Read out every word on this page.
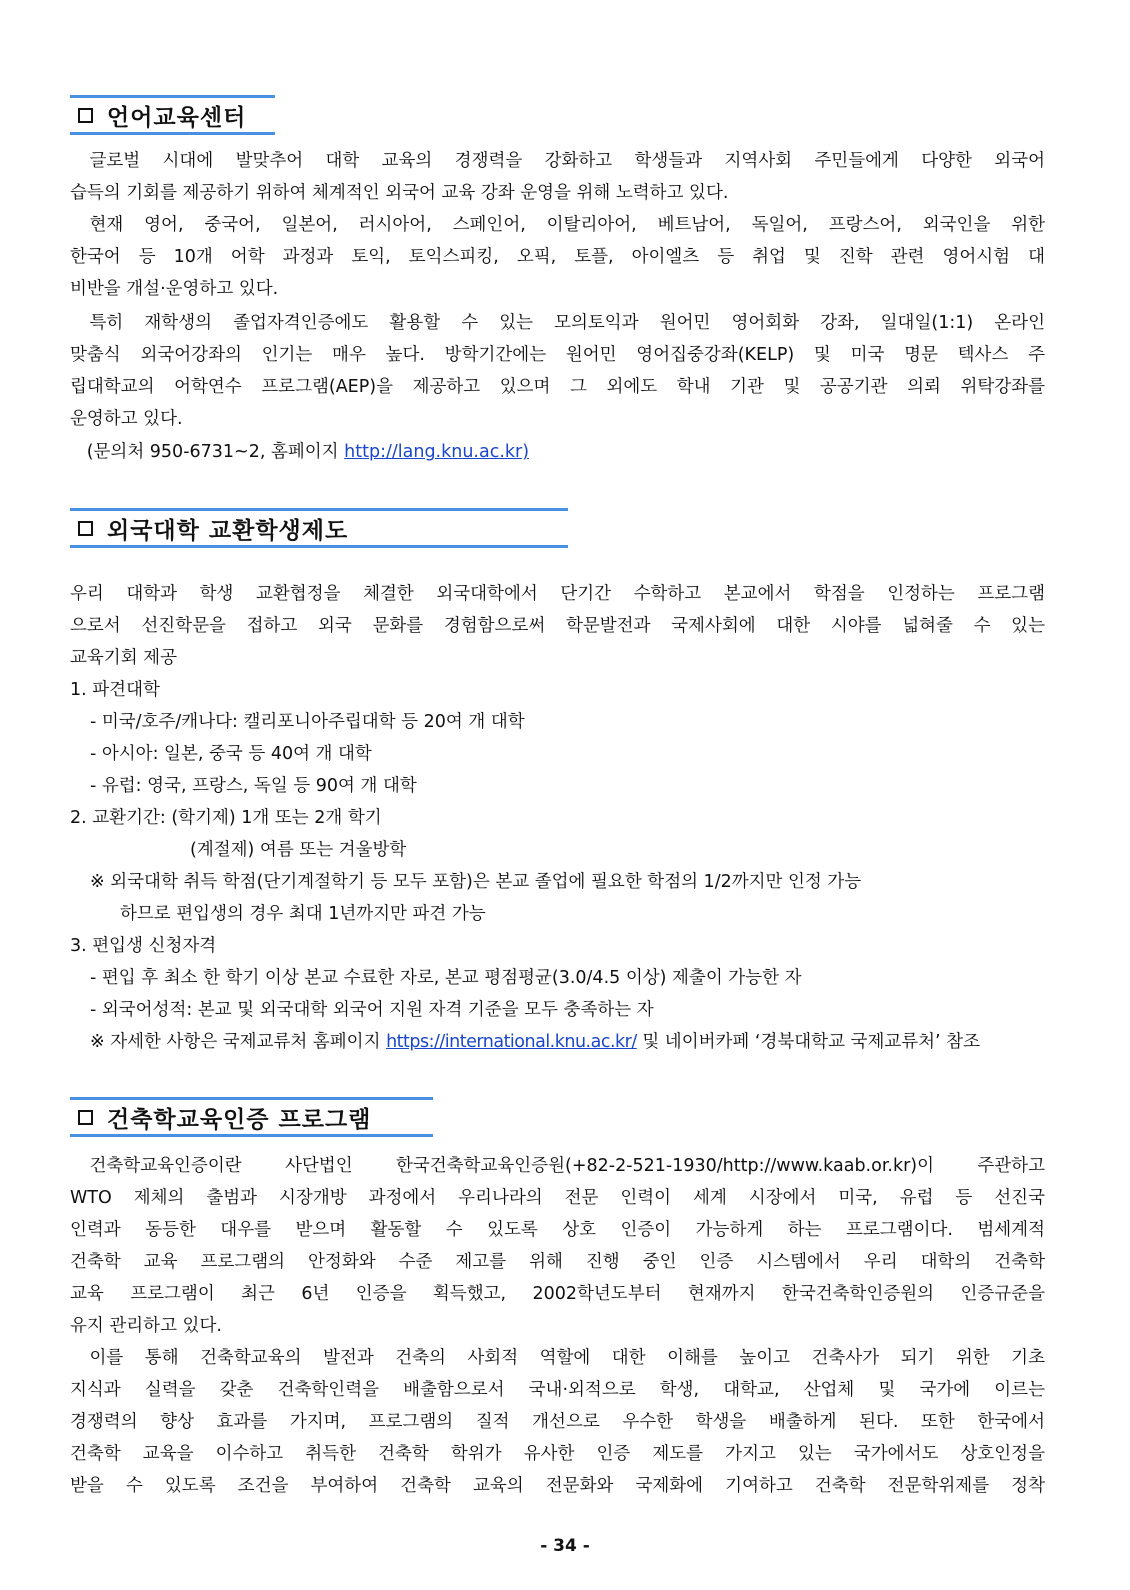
언어교육센터
글로벌 시대에 발맞추어 대학 교육의 경쟁력을 강화하고 학생들과 지역사회 주민들에게 다양한 외국어
습득의 기회를 제공하기 위하여 체계적인 외국어 교육 강좌 운영을 위해 노력하고 있다.
현재 영어, 중국어, 일본어, 러시아어, 스페인어, 이탈리아어, 베트남어, 독일어, 프랑스어, 외국인을 위한
한국어 등 10개 어학 과정과 토익, 토익스피킹, 오픽, 토플, 아이엘츠 등 취업 및 진학 관련 영어시험 대
비반을 개설·운영하고 있다.
특히 재학생의 졸업자격인증에도 활용할 수 있는 모의토익과 원어민 영어회화 강좌, 일대일(1:1) 온라인
맞춤식 외국어강좌의 인기는 매우 높다. 방학기간에는 원어민 영어집중강좌(KELP) 및 미국 명문 텍사스 주
립대학교의 어학연수 프로그램(AEP)을 제공하고 있으며 그 외에도 학내 기관 및 공공기관 의뢰 위탁강좌를
운영하고 있다.
(문의처 950-6731~2, 홈페이지 http://lang.knu.ac.kr)
외국대학 교환학생제도
우리 대학과 학생 교환협정을 체결한 외국대학에서 단기간 수학하고 본교에서 학점을 인정하는 프로그램
으로서 선진학문을 접하고 외국 문화를 경험함으로써 학문발전과 국제사회에 대한 시야를 넓혀줄 수 있는
교육기회 제공
1. 파견대학
- 미국/호주/캐나다: 캘리포니아주립대학 등 20여 개 대학
- 아시아: 일본, 중국 등 40여 개 대학
- 유럽: 영국, 프랑스, 독일 등 90여 개 대학
2. 교환기간: (학기제) 1개 또는 2개 학기
(계절제) 여름 또는 겨울방학
※ 외국대학 취득 학점(단기계절학기 등 모두 포함)은 본교 졸업에 필요한 학점의 1/2까지만 인정 가능
하므로 편입생의 경우 최대 1년까지만 파견 가능
3. 편입생 신청자격
- 편입 후 최소 한 학기 이상 본교 수료한 자로, 본교 평점평균(3.0/4.5 이상) 제출이 가능한 자
- 외국어성적: 본교 및 외국대학 외국어 지원 자격 기준을 모두 충족하는 자
※ 자세한 사항은 국제교류처 홈페이지 https://international.knu.ac.kr/ 및 네이버카페 ‘경북대학교 국제교류처’ 참조
건축학교육인증 프로그램
건축학교육인증이란 사단법인 한국건축학교육인증원(+82-2-521-1930/http://www.kaab.or.kr)이 주관하고
WTO 제체의 출범과 시장개방 과정에서 우리나라의 전문 인력이 세계 시장에서 미국, 유럽 등 선진국
인력과 동등한 대우를 받으며 활동할 수 있도록 상호 인증이 가능하게 하는 프로그램이다. 범세계적
건축학 교육 프로그램의 안정화와 수준 제고를 위해 진행 중인 인증 시스템에서 우리 대학의 건축학
교육 프로그램이 최근 6년 인증을 획득했고, 2002학년도부터 현재까지 한국건축학인증원의 인증규준을
유지 관리하고 있다.
이를 통해 건축학교육의 발전과 건축의 사회적 역할에 대한 이해를 높이고 건축사가 되기 위한 기초
지식과 실력을 갖춘 건축학인력을 배출함으로서 국내·외적으로 학생, 대학교, 산업체 및 국가에 이르는
경쟁력의 향상 효과를 가지며, 프로그램의 질적 개선으로 우수한 학생을 배출하게 된다. 또한 한국에서
건축학 교육을 이수하고 취득한 건축학 학위가 유사한 인증 제도를 가지고 있는 국가에서도 상호인정을
받을 수 있도록 조건을 부여하여 건축학 교육의 전문화와 국제화에 기여하고 건축학 전문학위제를 정착
- 34 -
